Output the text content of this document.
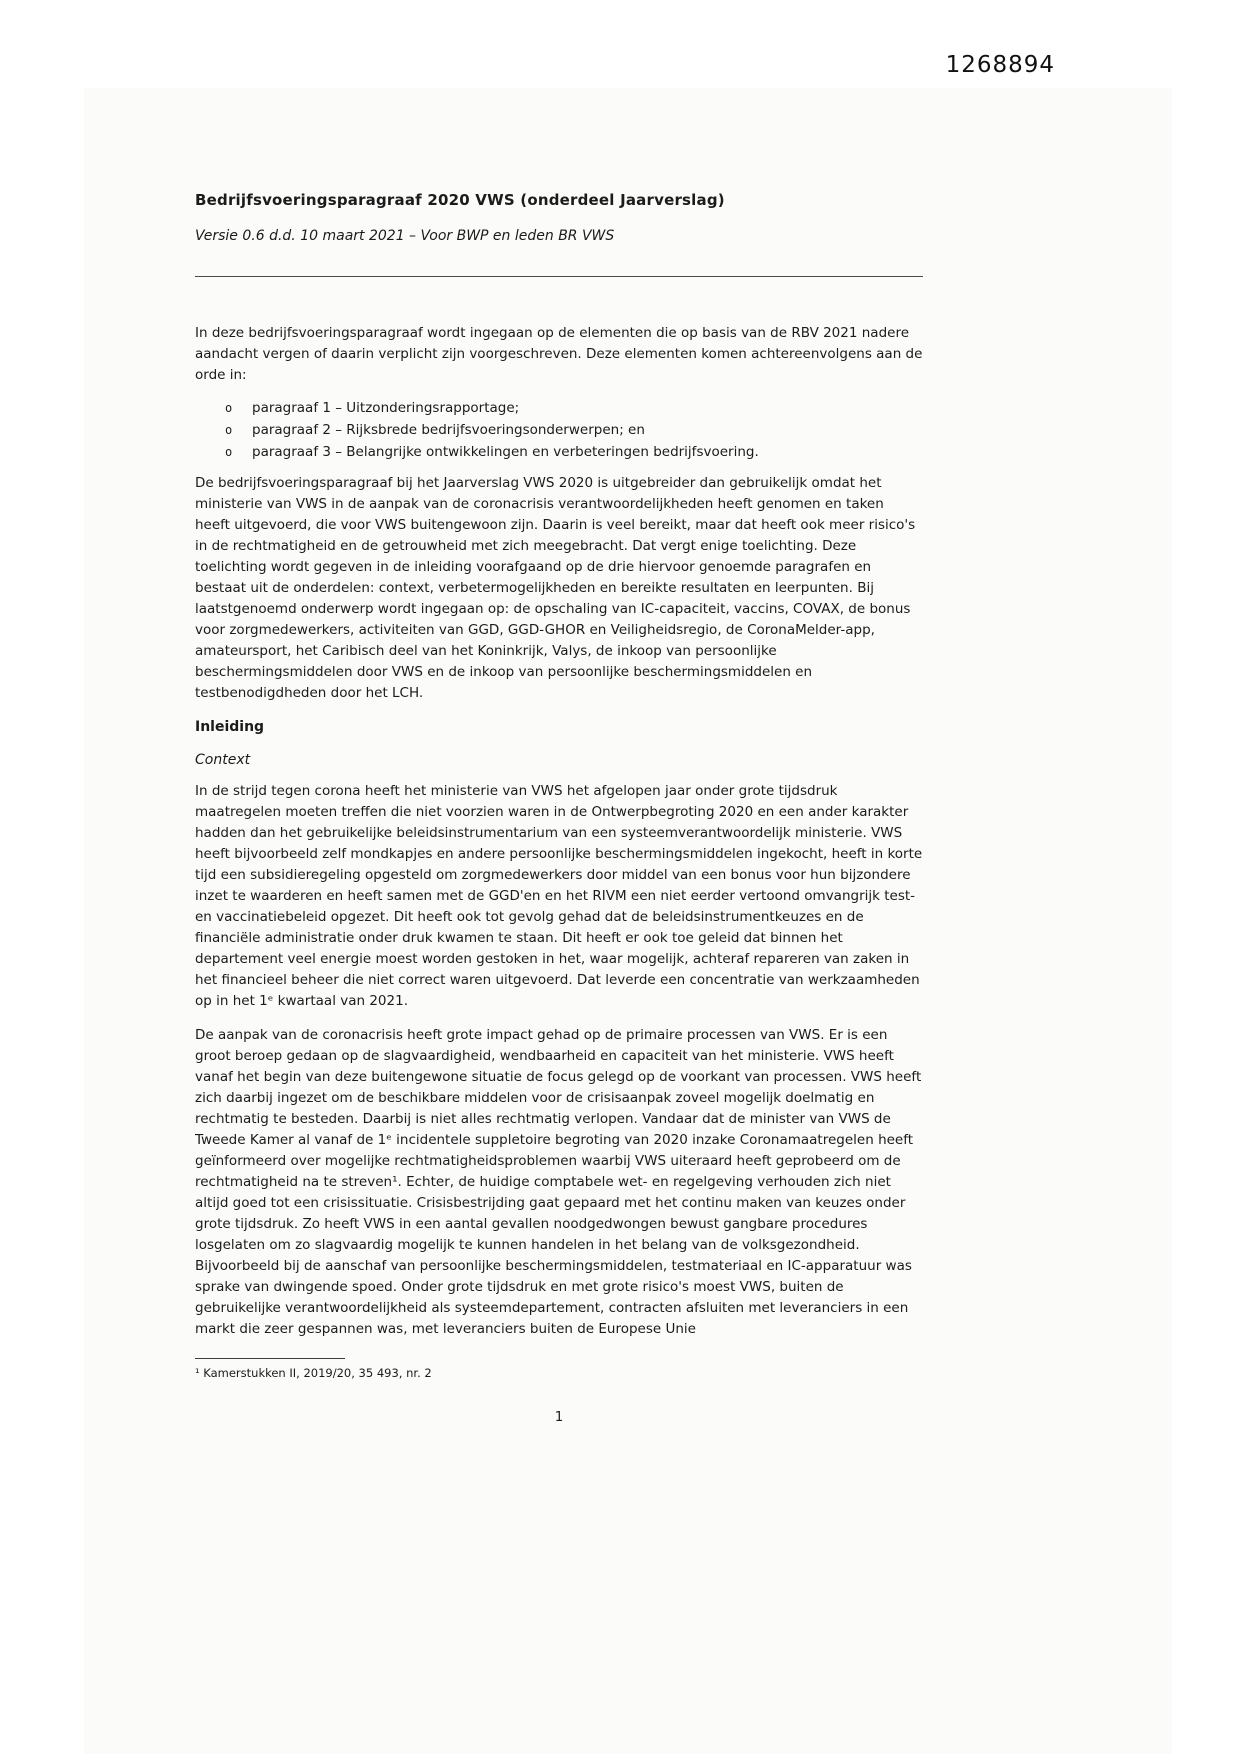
1268894
Bedrijfsvoeringsparagraaf 2020 VWS (onderdeel Jaarverslag)
Versie 0.6 d.d. 10 maart 2021 – Voor BWP en leden BR VWS

In deze bedrijfsvoeringsparagraaf wordt ingegaan op de elementen die op basis van de RBV 2021 nadere aandacht vergen of daarin verplicht zijn voorgeschreven. Deze elementen komen achtereenvolgens aan de orde in:

o	paragraaf 1 – Uitzonderingsrapportage;
o	paragraaf 2 – Rijksbrede bedrijfsvoeringsonderwerpen; en
o	paragraaf 3 – Belangrijke ontwikkelingen en verbeteringen bedrijfsvoering.

De bedrijfsvoeringsparagraaf bij het Jaarverslag VWS 2020 is uitgebreider dan gebruikelijk omdat het ministerie van VWS in de aanpak van de coronacrisis verantwoordelijkheden heeft genomen en taken heeft uitgevoerd, die voor VWS buitengewoon zijn. Daarin is veel bereikt, maar dat heeft ook meer risico's in de rechtmatigheid en de getrouwheid met zich meegebracht. Dat vergt enige toelichting. Deze toelichting wordt gegeven in de inleiding voorafgaand op de drie hiervoor genoemde paragrafen en bestaat uit de onderdelen: context, verbetermogelijkheden en bereikte resultaten en leerpunten. Bij laatstgenoemd onderwerp wordt ingegaan op: de opschaling van IC-capaciteit, vaccins, COVAX, de bonus voor zorgmedewerkers, activiteiten van GGD, GGD-GHOR en Veiligheidsregio, de CoronaMelder-app, amateursport, het Caribisch deel van het Koninkrijk, Valys, de inkoop van persoonlijke beschermingsmiddelen door VWS en de inkoop van persoonlijke beschermingsmiddelen en testbenodigdheden door het LCH.

Inleiding
Context

In de strijd tegen corona heeft het ministerie van VWS het afgelopen jaar onder grote tijdsdruk maatregelen moeten treffen die niet voorzien waren in de Ontwerpbegroting 2020 en een ander karakter hadden dan het gebruikelijke beleidsinstrumentarium van een systeemverantwoordelijk ministerie. VWS heeft bijvoorbeeld zelf mondkapjes en andere persoonlijke beschermingsmiddelen ingekocht, heeft in korte tijd een subsidieregeling opgesteld om zorgmedewerkers door middel van een bonus voor hun bijzondere inzet te waarderen en heeft samen met de GGD'en en het RIVM een niet eerder vertoond omvangrijk test- en vaccinatiebeleid opgezet. Dit heeft ook tot gevolg gehad dat de beleidsinstrumentkeuzes en de financiële administratie onder druk kwamen te staan. Dit heeft er ook toe geleid dat binnen het departement veel energie moest worden gestoken in het, waar mogelijk, achteraf repareren van zaken in het financieel beheer die niet correct waren uitgevoerd. Dat leverde een concentratie van werkzaamheden op in het 1ᵉ kwartaal van 2021.

De aanpak van de coronacrisis heeft grote impact gehad op de primaire processen van VWS. Er is een groot beroep gedaan op de slagvaardigheid, wendbaarheid en capaciteit van het ministerie. VWS heeft vanaf het begin van deze buitengewone situatie de focus gelegd op de voorkant van processen. VWS heeft zich daarbij ingezet om de beschikbare middelen voor de crisisaanpak zoveel mogelijk doelmatig en rechtmatig te besteden. Daarbij is niet alles rechtmatig verlopen. Vandaar dat de minister van VWS de Tweede Kamer al vanaf de 1ᵉ incidentele suppletoire begroting van 2020 inzake Coronamaatregelen heeft geïnformeerd over mogelijke rechtmatigheidsproblemen waarbij VWS uiteraard heeft geprobeerd om de rechtmatigheid na te streven¹. Echter, de huidige comptabele wet- en regelgeving verhouden zich niet altijd goed tot een crisissituatie. Crisisbestrijding gaat gepaard met het continu maken van keuzes onder grote tijdsdruk. Zo heeft VWS in een aantal gevallen noodgedwongen bewust gangbare procedures losgelaten om zo slagvaardig mogelijk te kunnen handelen in het belang van de volksgezondheid. Bijvoorbeeld bij de aanschaf van persoonlijke beschermingsmiddelen, testmateriaal en IC-apparatuur was sprake van dwingende spoed. Onder grote tijdsdruk en met grote risico's moest VWS, buiten de gebruikelijke verantwoordelijkheid als systeemdepartement, contracten afsluiten met leveranciers in een markt die zeer gespannen was, met leveranciers buiten de Europese Unie

¹ Kamerstukken II, 2019/20, 35 493, nr. 2
1
